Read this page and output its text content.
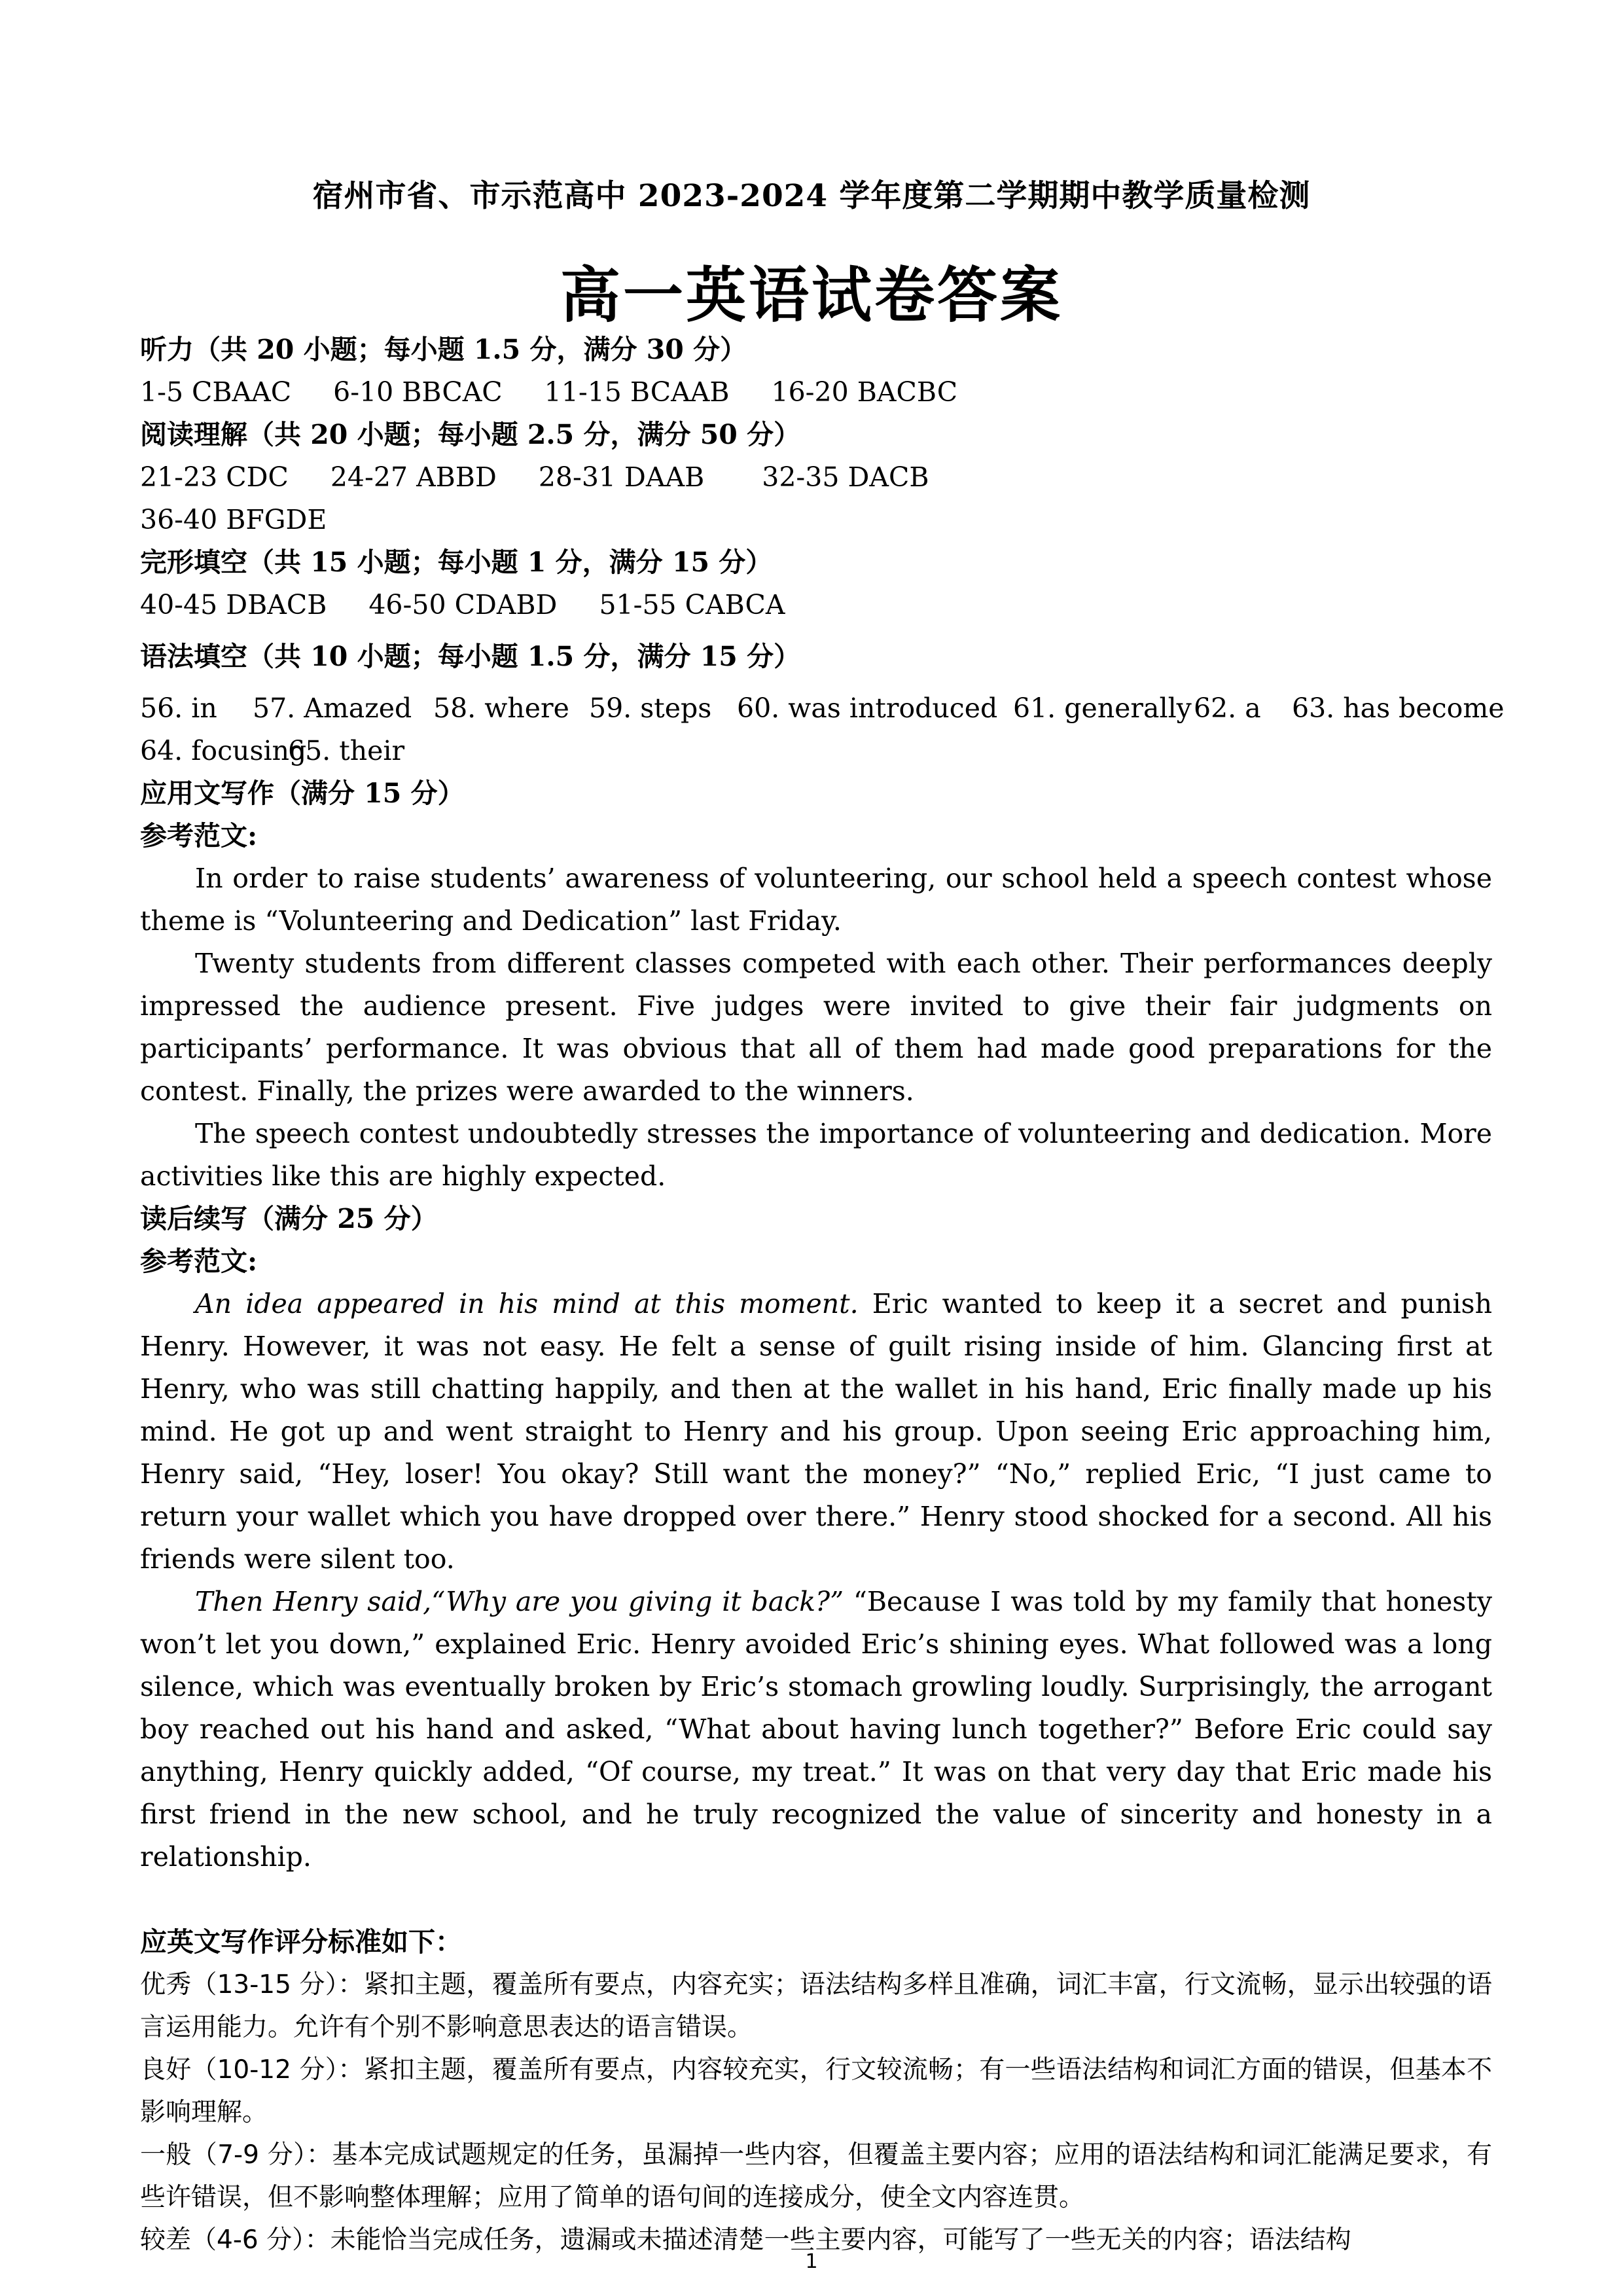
宿州市省、市示范高中 2023-2024 学年度第二学期期中教学质量检测
高一英语试卷答案
听力（共 20 小题；每小题 1.5 分，满分 30 分）
1-5 CBAAC 6-10 BBCAC 11-15 BCAAB 16-20 BACBC
阅读理解（共 20 小题；每小题 2.5 分，满分 50 分）
21-23 CDC 24-27 ABBD 28-31 DAAB 32-35 DACB
36-40 BFGDE
完形填空（共 15 小题；每小题 1 分，满分 15 分）
40-45 DBACB 46-50 CDABD 51-55 CABCA
语法填空（共 10 小题；每小题 1.5 分，满分 15 分）
56. in 57. Amazed 58. where 59. steps 60. was introduced 61. generally62. a 63. has become
64. focusing65. their
应用文写作（满分 15 分）
参考范文:

In order to raise students’ awareness of volunteering, our school held a speech contest whose theme is “Volunteering and Dedication” last Friday.

Twenty students from different classes competed with each other. Their performances deeply impressed the audience present. Five judges were invited to give their fair judgments on participants’ performance. It was obvious that all of them had made good preparations for the contest. Finally, the prizes were awarded to the winners.

The speech contest undoubtedly stresses the importance of volunteering and dedication. More activities like this are highly expected.

读后续写（满分 25 分）
参考范文:

An idea appeared in his mind at this moment. Eric wanted to keep it a secret and punish Henry. However, it was not easy. He felt a sense of guilt rising inside of him. Glancing first at Henry, who was still chatting happily, and then at the wallet in his hand, Eric finally made up his mind. He got up and went straight to Henry and his group. Upon seeing Eric approaching him, Henry said, “Hey, loser! You okay? Still want the money?” “No,” replied Eric, “I just came to return your wallet which you have dropped over there.” Henry stood shocked for a second. All his friends were silent too.

Then Henry said,“Why are you giving it back?” “Because I was told by my family that honesty won’t let you down,” explained Eric. Henry avoided Eric’s shining eyes. What followed was a long silence, which was eventually broken by Eric’s stomach growling loudly. Surprisingly, the arrogant boy reached out his hand and asked, “What about having lunch together?” Before Eric could say anything, Henry quickly added, “Of course, my treat.” It was on that very day that Eric made his first friend in the new school, and he truly recognized the value of sincerity and honesty in a relationship.

应英文写作评分标准如下：

优秀（13-15 分）：紧扣主题，覆盖所有要点，内容充实；语法结构多样且准确，词汇丰富，行文流畅，显示出较强的语言运用能力。允许有个别不影响意思表达的语言错误。

良好（10-12 分）：紧扣主题，覆盖所有要点，内容较充实，行文较流畅；有一些语法结构和词汇方面的错误，但基本不影响理解。

一般（7-9 分）：基本完成试题规定的任务，虽漏掉一些内容，但覆盖主要内容；应用的语法结构和词汇能满足要求，有些许错误，但不影响整体理解；应用了简单的语句间的连接成分，使全文内容连贯。

较差（4-6 分）：未能恰当完成任务，遗漏或未描述清楚一些主要内容，可能写了一些无关的内容；语法结构

1
